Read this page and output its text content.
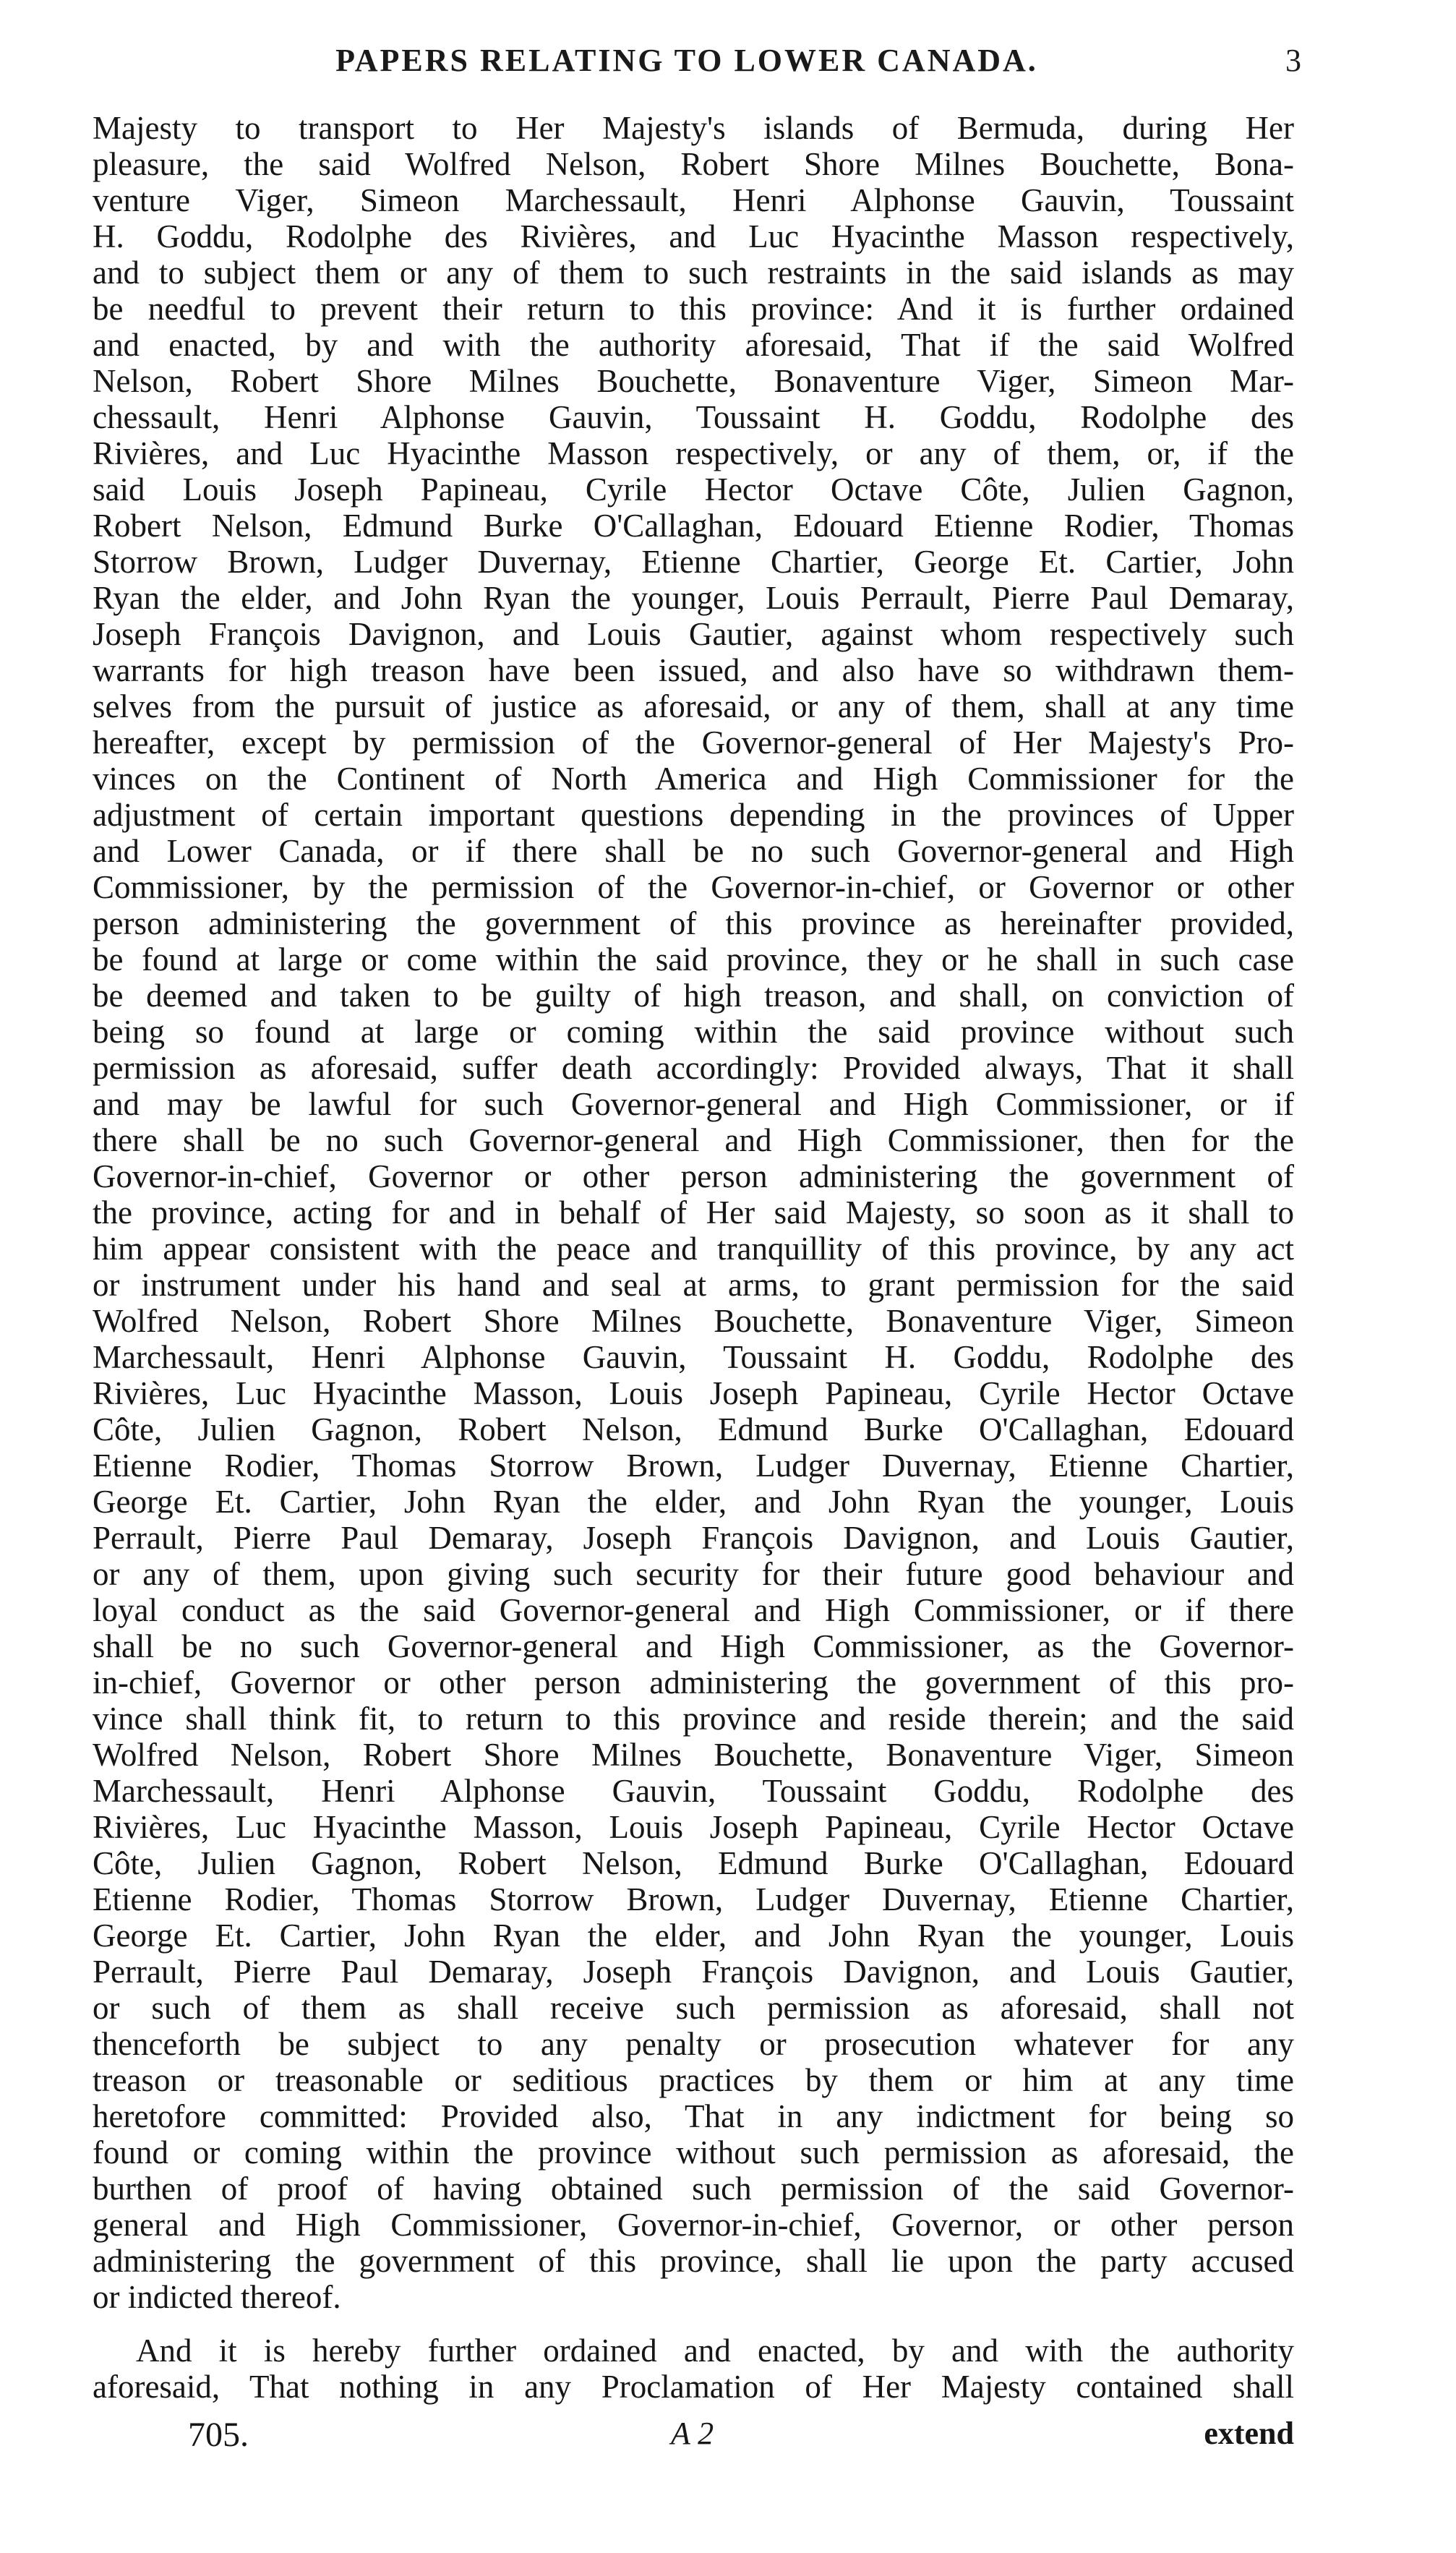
PAPERS RELATING TO LOWER CANADA.	3
Majesty to transport to Her Majesty's islands of Bermuda, during Her
pleasure, the said Wolfred Nelson, Robert Shore Milnes Bouchette, Bona-
venture Viger, Simeon Marchessault, Henri Alphonse Gauvin, Toussaint
H. Goddu, Rodolphe des Rivières, and Luc Hyacinthe Masson respectively,
and to subject them or any of them to such restraints in the said islands as may
be needful to prevent their return to this province: And it is further ordained
and enacted, by and with the authority aforesaid, That if the said Wolfred
Nelson, Robert Shore Milnes Bouchette, Bonaventure Viger, Simeon Mar-
chessault, Henri Alphonse Gauvin, Toussaint H. Goddu, Rodolphe des
Rivières, and Luc Hyacinthe Masson respectively, or any of them, or, if the
said Louis Joseph Papineau, Cyrile Hector Octave Côte, Julien Gagnon,
Robert Nelson, Edmund Burke O'Callaghan, Edouard Etienne Rodier, Thomas
Storrow Brown, Ludger Duvernay, Etienne Chartier, George Et. Cartier, John
Ryan the elder, and John Ryan the younger, Louis Perrault, Pierre Paul Demaray,
Joseph François Davignon, and Louis Gautier, against whom respectively such
warrants for high treason have been issued, and also have so withdrawn them-
selves from the pursuit of justice as aforesaid, or any of them, shall at any time
hereafter, except by permission of the Governor-general of Her Majesty's Pro-
vinces on the Continent of North America and High Commissioner for the
adjustment of certain important questions depending in the provinces of Upper
and Lower Canada, or if there shall be no such Governor-general and High
Commissioner, by the permission of the Governor-in-chief, or Governor or other
person administering the government of this province as hereinafter provided,
be found at large or come within the said province, they or he shall in such case
be deemed and taken to be guilty of high treason, and shall, on conviction of
being so found at large or coming within the said province without such
permission as aforesaid, suffer death accordingly: Provided always, That it shall
and may be lawful for such Governor-general and High Commissioner, or if
there shall be no such Governor-general and High Commissioner, then for the
Governor-in-chief, Governor or other person administering the government of
the province, acting for and in behalf of Her said Majesty, so soon as it shall to
him appear consistent with the peace and tranquillity of this province, by any act
or instrument under his hand and seal at arms, to grant permission for the said
Wolfred Nelson, Robert Shore Milnes Bouchette, Bonaventure Viger, Simeon
Marchessault, Henri Alphonse Gauvin, Toussaint H. Goddu, Rodolphe des
Rivières, Luc Hyacinthe Masson, Louis Joseph Papineau, Cyrile Hector Octave
Côte, Julien Gagnon, Robert Nelson, Edmund Burke O'Callaghan, Edouard
Etienne Rodier, Thomas Storrow Brown, Ludger Duvernay, Etienne Chartier,
George Et. Cartier, John Ryan the elder, and John Ryan the younger, Louis
Perrault, Pierre Paul Demaray, Joseph François Davignon, and Louis Gautier,
or any of them, upon giving such security for their future good behaviour and
loyal conduct as the said Governor-general and High Commissioner, or if there
shall be no such Governor-general and High Commissioner, as the Governor-
in-chief, Governor or other person administering the government of this pro-
vince shall think fit, to return to this province and reside therein; and the said
Wolfred Nelson, Robert Shore Milnes Bouchette, Bonaventure Viger, Simeon
Marchessault, Henri Alphonse Gauvin, Toussaint Goddu, Rodolphe des
Rivières, Luc Hyacinthe Masson, Louis Joseph Papineau, Cyrile Hector Octave
Côte, Julien Gagnon, Robert Nelson, Edmund Burke O'Callaghan, Edouard
Etienne Rodier, Thomas Storrow Brown, Ludger Duvernay, Etienne Chartier,
George Et. Cartier, John Ryan the elder, and John Ryan the younger, Louis
Perrault, Pierre Paul Demaray, Joseph François Davignon, and Louis Gautier,
or such of them as shall receive such permission as aforesaid, shall not
thenceforth be subject to any penalty or prosecution whatever for any
treason or treasonable or seditious practices by them or him at any time
heretofore committed: Provided also, That in any indictment for being so
found or coming within the province without such permission as aforesaid, the
burthen of proof of having obtained such permission of the said Governor-
general and High Commissioner, Governor-in-chief, Governor, or other person
administering the government of this province, shall lie upon the party accused
or indicted thereof.
And it is hereby further ordained and enacted, by and with the authority
aforesaid, That nothing in any Proclamation of Her Majesty contained shall
705.	A 2	extend
